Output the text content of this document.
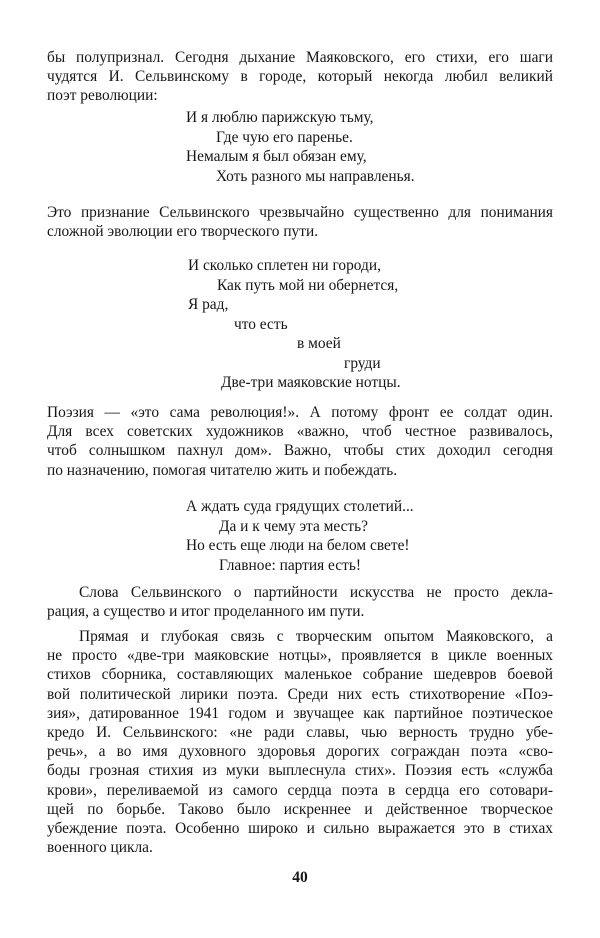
бы полупризнал. Сегодня дыхание Маяковского, его стихи, его шаги
чудятся И. Сельвинскому в городе, который некогда любил великий
поэт революции:

И я люблю парижскую тьму,
Где чую его паренье.
Немалым я был обязан ему,
Хоть разного мы направленья.

Это признание Сельвинского чрезвычайно существенно для понимания
сложной эволюции его творческого пути.

И сколько сплетен ни городи,
Как путь мой ни обернется,
Я рад,
что есть
в моей
груди
Две-три маяковские нотцы.

Поэзия — «это сама революция!». А потому фронт ее солдат один.
Для всех советских художников «важно, чтоб честное развивалось,
чтоб солнышком пахнул дом». Важно, чтобы стих доходил сегодня
по назначению, помогая читателю жить и побеждать.

А ждать суда грядущих столетий...
Да и к чему эта месть?
Но есть еще люди на белом свете!
Главное: партия есть!

Слова Сельвинского о партийности искусства не просто декла-
рация, а существо и итог проделанного им пути.

Прямая и глубокая связь с творческим опытом Маяковского, а
не просто «две-три маяковские нотцы», проявляется в цикле военных
стихов сборника, составляющих маленькое собрание шедевров боевой
вой политической лирики поэта. Среди них есть стихотворение «Поэ-
зия», датированное 1941 годом и звучащее как партийное поэтическое
кредо И. Сельвинского: «не ради славы, чью верность трудно убе-
речь», а во имя духовного здоровья дорогих сограждан поэта «сво-
боды грозная стихия из муки выплеснула стих». Поэзия есть «служба
крови», переливаемой из самого сердца поэта в сердца его сотовари-
щей по борьбе. Таково было искреннее и действенное творческое
убеждение поэта. Особенно широко и сильно выражается это в стихах
военного цикла.

40
